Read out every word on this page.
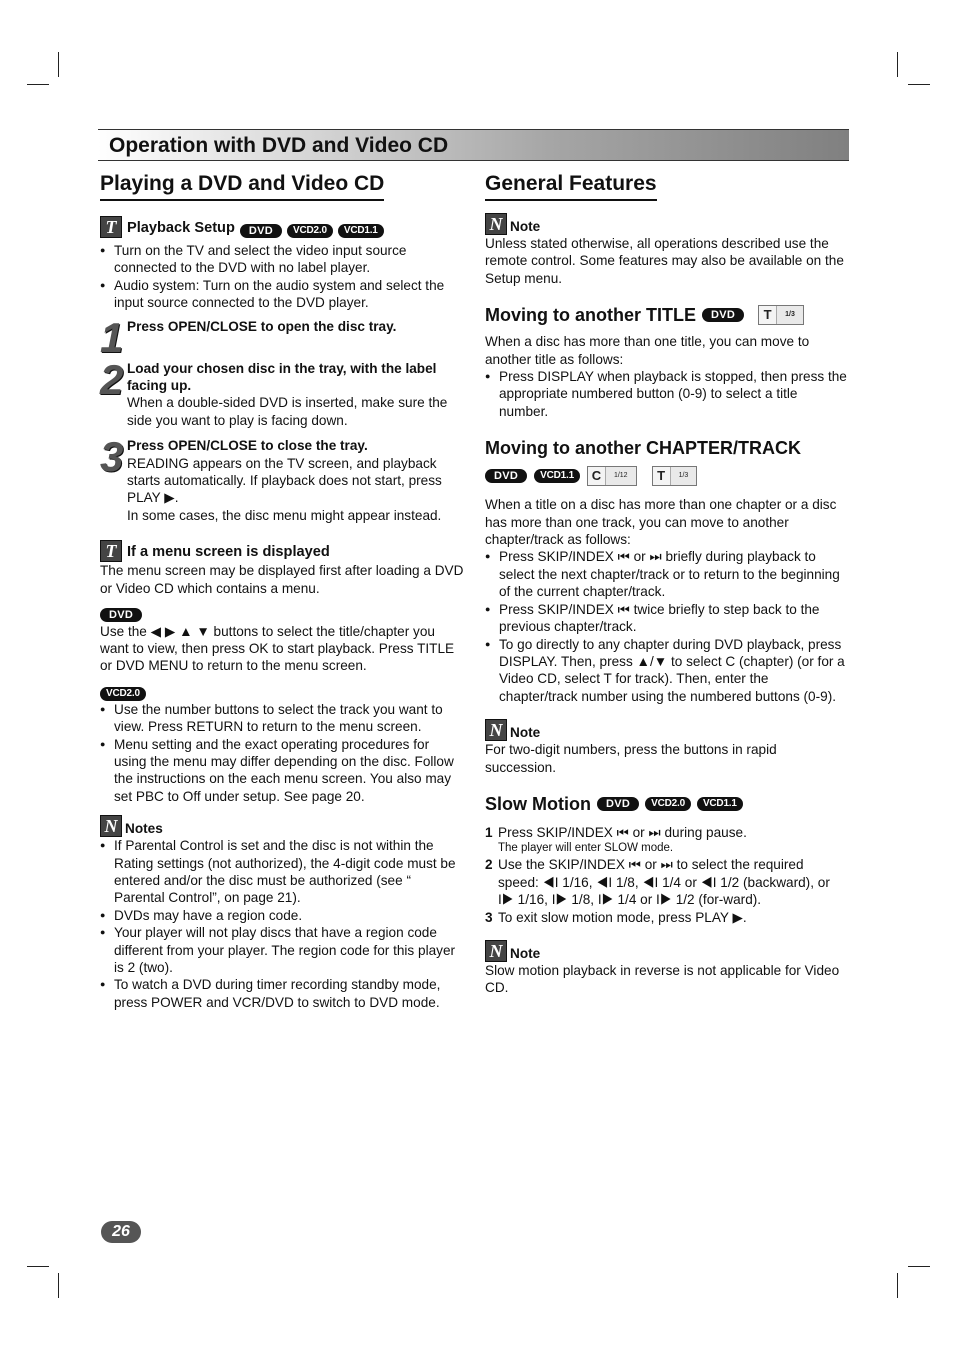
Operation with DVD and Video CD
Playing a DVD and Video CD
T Playback Setup	DVD	VCD2.0	VCD1.1
● Turn on the TV and select the video input source connected to the DVD with no label player.
● Audio system: Turn on the audio system and select the input source connected to the DVD player.
1 Press OPEN/CLOSE to open the disc tray.

2 Load your chosen disc in the tray, with the label facing up.

When a double-sided DVD is inserted, make sure the side you want to play is facing down.

3 Press OPEN/CLOSE to close the tray.

READING appears on the TV screen, and playback starts automatically. If playback does not start, press PLAY ▶.

In some cases, the disc menu might appear instead.

T If a menu screen is displayed

The menu screen may be displayed first after loading a DVD or Video CD which contains a menu.

DVD

Use the ◀ ▶ ▲ ▼ buttons to select the title/chapter you want to view, then press OK to start playback. Press TITLE or DVD MENU to return to the menu screen.

VCD2.0
● Use the number buttons to select the track you want to view. Press RETURN to return to the menu screen.
● Menu setting and the exact operating procedures for using the menu may differ depending on the disc. Follow the instructions on the each menu screen. You also may set PBC to Off under setup. See page 20.
N Notes
● If Parental Control is set and the disc is not within the Rating settings (not authorized), the 4-digit code must be entered and/or the disc must be authorized (see “ Parental Control”, on page 21).
● DVDs may have a region code.
● Your player will not play discs that have a region code different from your player. The region code for this player is 2 (two).
● To watch a DVD during timer recording standby mode, press POWER and VCR/DVD to switch to DVD mode.
General Features
N Note

Unless stated otherwise, all operations described use the remote control. Some features may also be available on the Setup menu.

Moving to another TITLE	DVD	T	1/3

When a disc has more than one title, you can move to another title as follows:

● Press DISPLAY when playback is stopped, then press the appropriate numbered button (0-9) to select a title number.
Moving to another CHAPTER/TRACK
DVD	VCD1.1	C	1/12	T	1/3

When a title on a disc has more than one chapter or a disc has more than one track, you can move to another chapter/track as follows:

● Press SKIP/INDEX ⏮ or ⏭ briefly during playback to select the next chapter/track or to return to the beginning of the current chapter/track.
● Press SKIP/INDEX ⏮ twice briefly to step back to the previous chapter/track.
● To go directly to any chapter during DVD playback, press DISPLAY. Then, press ▲/▼ to select C (chapter) (or for a Video CD, select T for track). Then, enter the chapter/track number using the numbered buttons (0-9).
N Note

For two-digit numbers, press the buttons in rapid succession.

Slow Motion	DVD	VCD2.0	VCD1.1
1 Press SKIP/INDEX ⏮ or ⏭ during pause.
The player will enter SLOW mode.
2 Use the SKIP/INDEX ⏮ or ⏭ to select the required speed: ◀I 1/16, ◀I 1/8, ◀I 1/4 or ◀I 1/2 (backward), or I▶ 1/16, I▶ 1/8, I▶ 1/4 or I▶ 1/2 (for-ward).
3 To exit slow motion mode, press PLAY ▶.
N Note

Slow motion playback in reverse is not applicable for Video CD.

26
